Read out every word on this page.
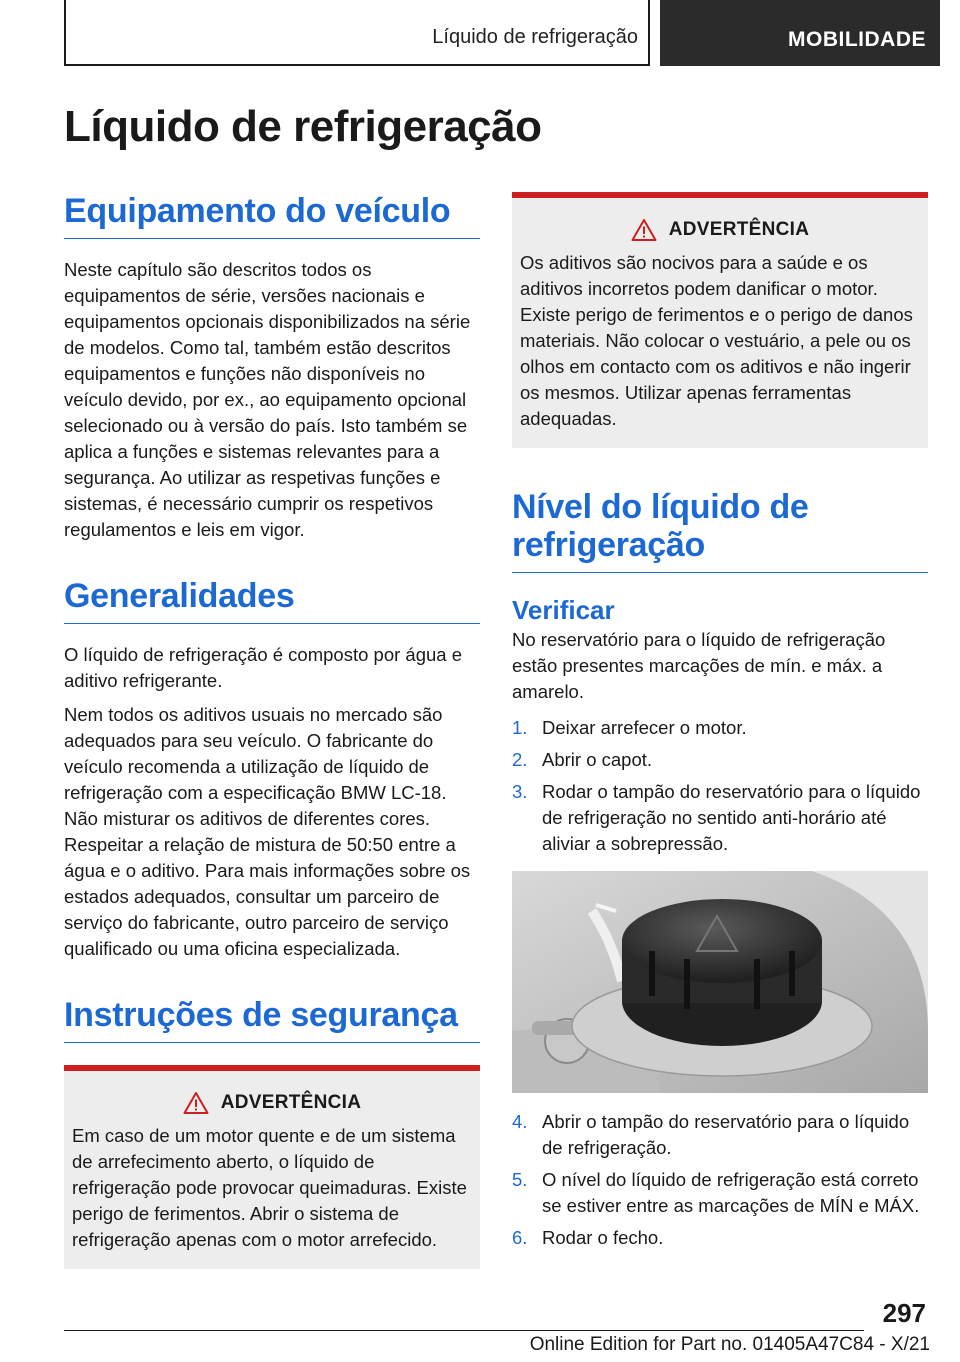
Líquido de refrigeração	MOBILIDADE
Líquido de refrigeração
Equipamento do veículo

Neste capítulo são descritos todos os equipamentos de série, versões nacionais e equipamentos opcionais disponibilizados na série de modelos. Como tal, também estão descritos equipamentos e funções não disponíveis no veículo devido, por ex., ao equipamento opcional selecionado ou à versão do país. Isto também se aplica a funções e sistemas relevantes para a segurança. Ao utilizar as respetivas funções e sistemas, é necessário cumprir os respetivos regulamentos e leis em vigor.

Generalidades

O líquido de refrigeração é composto por água e aditivo refrigerante.

Nem todos os aditivos usuais no mercado são adequados para seu veículo. O fabricante do veículo recomenda a utilização de líquido de refrigeração com a especificação BMW LC-18. Não misturar os aditivos de diferentes cores. Respeitar a relação de mistura de 50:50 entre a água e o aditivo. Para mais informações sobre os estados adequados, consultar um parceiro de serviço do fabricante, outro parceiro de serviço qualificado ou uma oficina especializada.

Instruções de segurança
ADVERTÊNCIA

Em caso de um motor quente e de um sistema de arrefecimento aberto, o líquido de refrigeração pode provocar queimaduras. Existe perigo de ferimentos. Abrir o sistema de refrigeração apenas com o motor arrefecido.

ADVERTÊNCIA

Os aditivos são nocivos para a saúde e os aditivos incorretos podem danificar o motor. Existe perigo de ferimentos e o perigo de danos materiais. Não colocar o vestuário, a pele ou os olhos em contacto com os aditivos e não ingerir os mesmos. Utilizar apenas ferramentas adequadas.

Nível do líquido de refrigeração
Verificar

No reservatório para o líquido de refrigeração estão presentes marcações de mín. e máx. a amarelo.

1. Deixar arrefecer o motor.
2. Abrir o capot.
3. Rodar o tampão do reservatório para o líquido de refrigeração no sentido anti-horário até aliviar a sobrepressão.
4. Abrir o tampão do reservatório para o líquido de refrigeração.
5. O nível do líquido de refrigeração está correto se estiver entre as marcações de MÍN e MÁX.
6. Rodar o fecho.
297
Online Edition for Part no. 01405A47C84 - X/21
